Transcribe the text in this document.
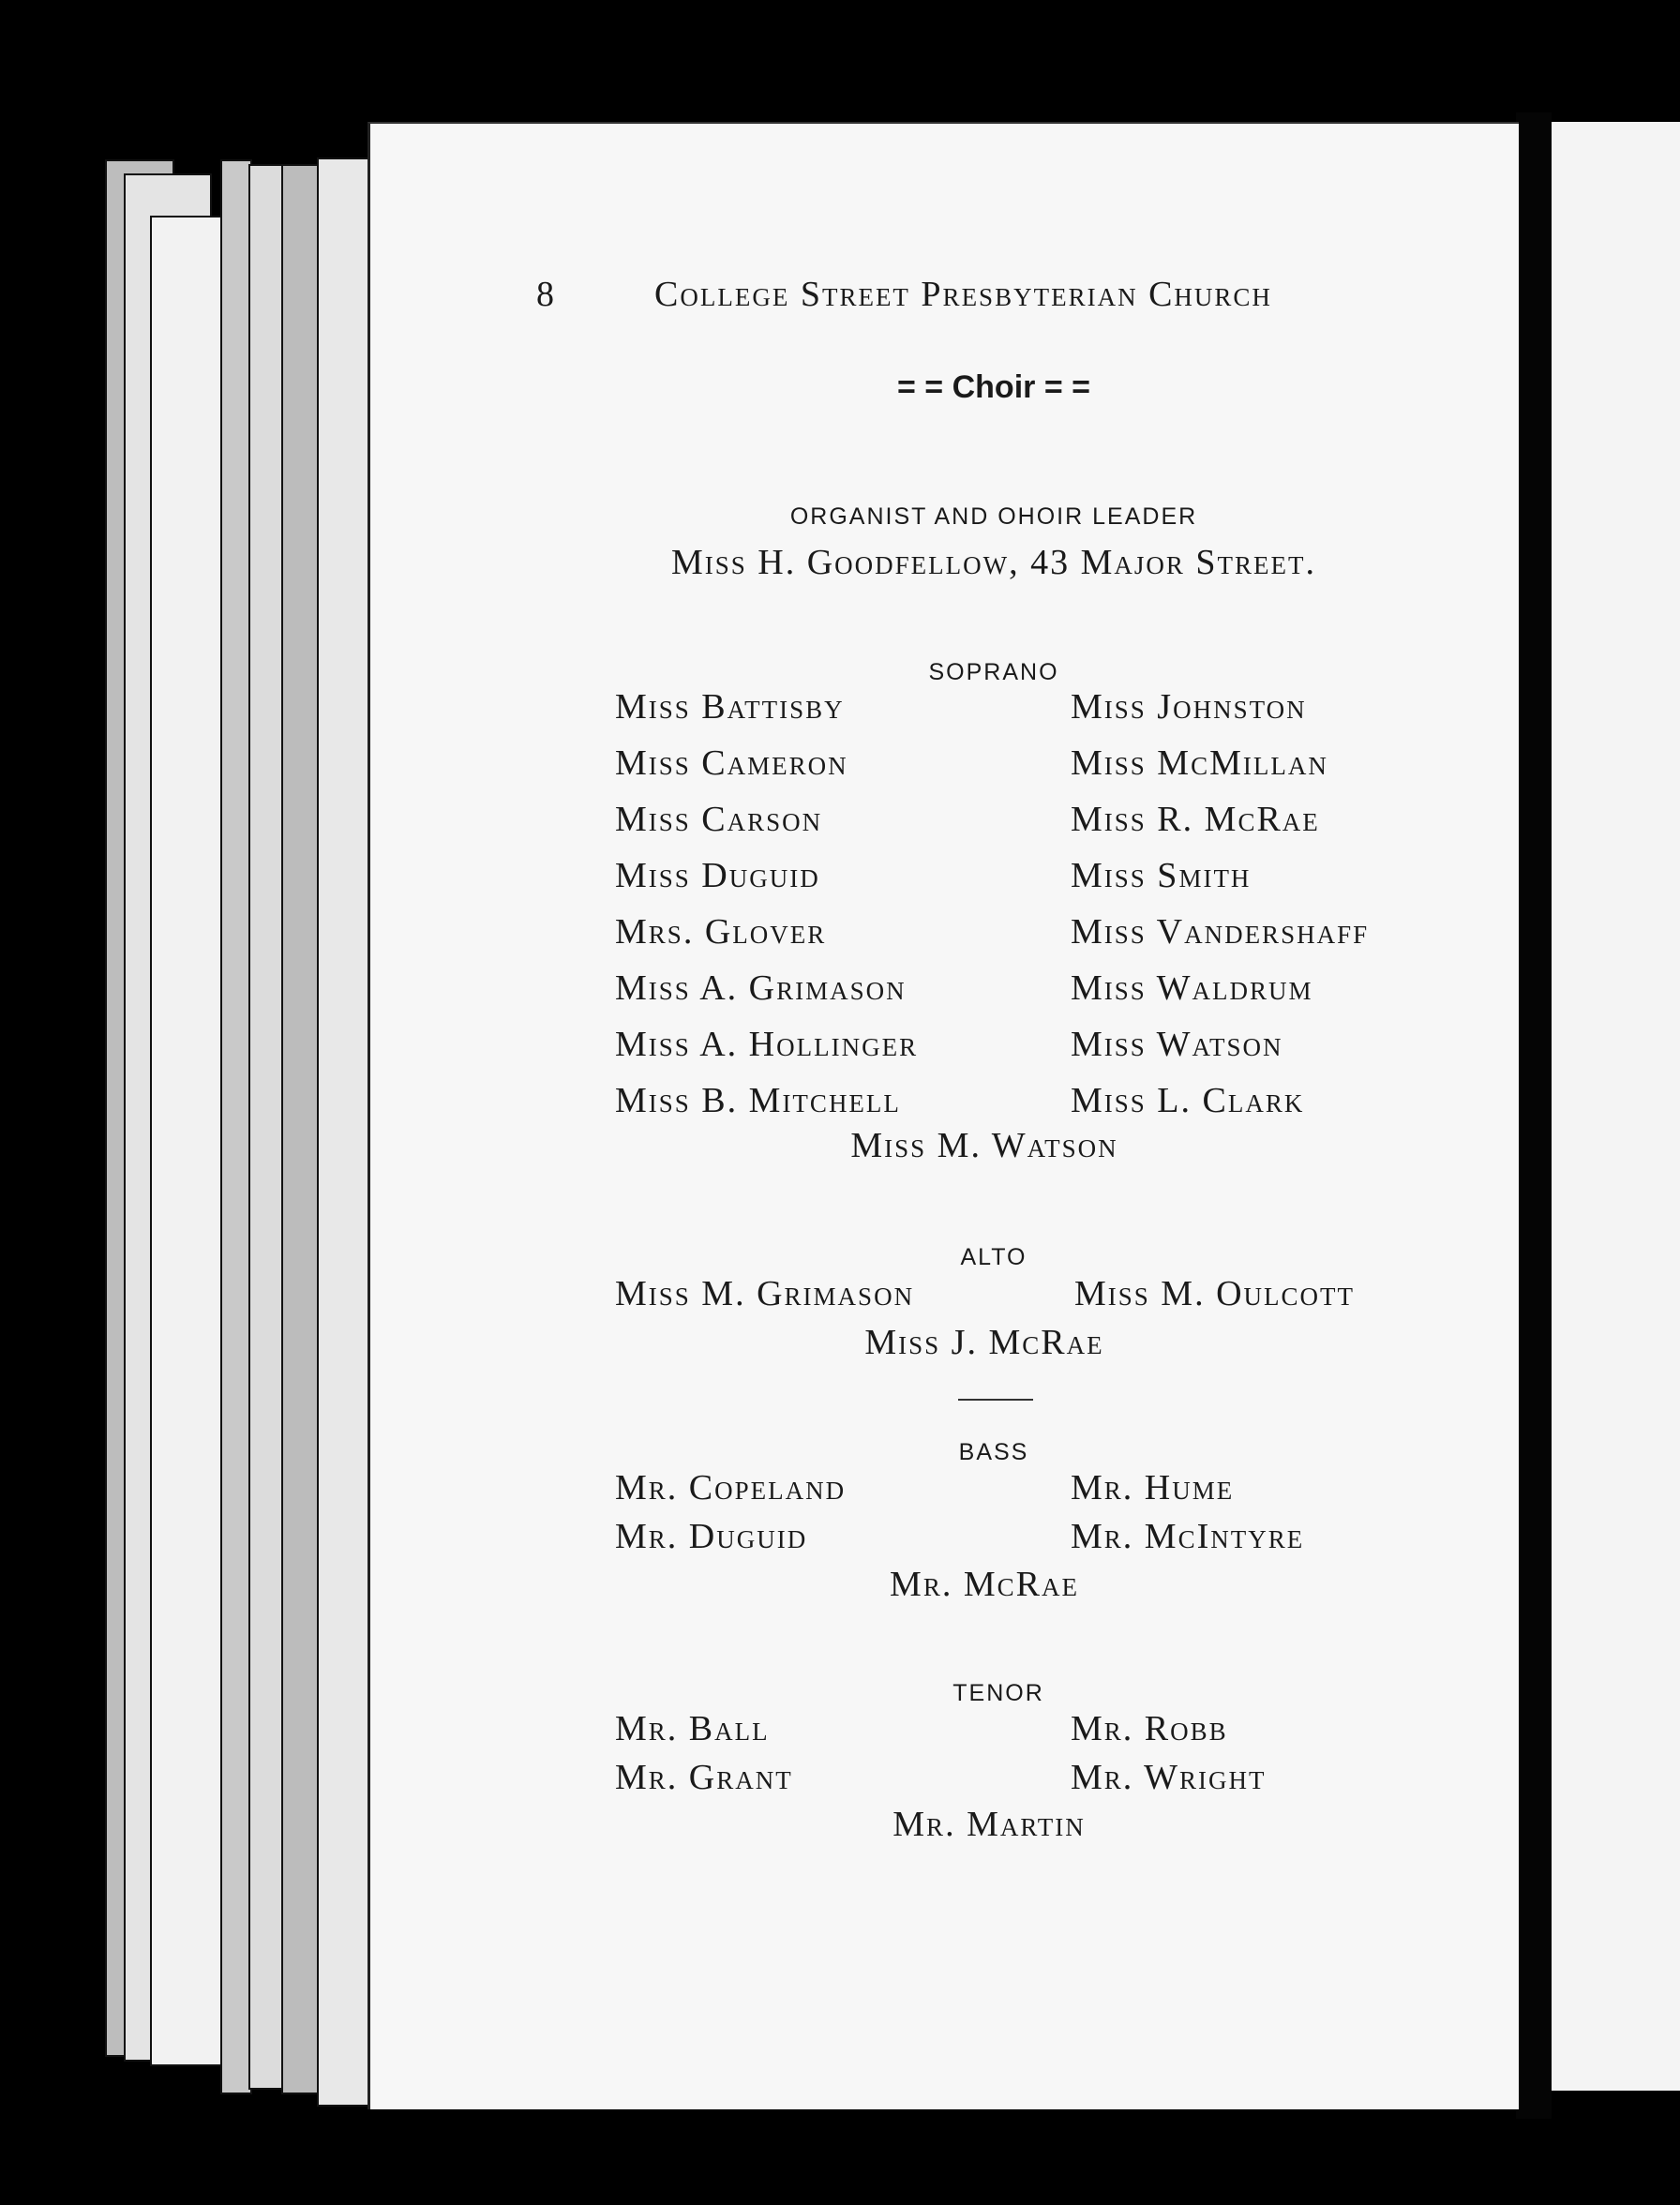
8	College Street Presbyterian Church
= = Choir = =
ORGANIST AND OHOIR LEADER
Miss H. Goodfellow, 43 Major Street.
SOPRANO
Miss Battisby
Miss Cameron
Miss Carson
Miss Duguid
Mrs. Glover
Miss A. Grimason
Miss A. Hollinger
Miss B. Mitchell
Miss Johnston
Miss McMillan
Miss R. McRae
Miss Smith
Miss Vandershaff
Miss Waldrum
Miss Watson
Miss L. Clark
Miss M. Watson
ALTO
Miss M. Grimason	Miss M. Oulcott
Miss J. McRae
BASS
Mr. Copeland
Mr. Duguid
Mr. Hume
Mr. McIntyre
Mr. McRae
TENOR
Mr. Ball
Mr. Grant
Mr. Robb
Mr. Wright
Mr. Martin
